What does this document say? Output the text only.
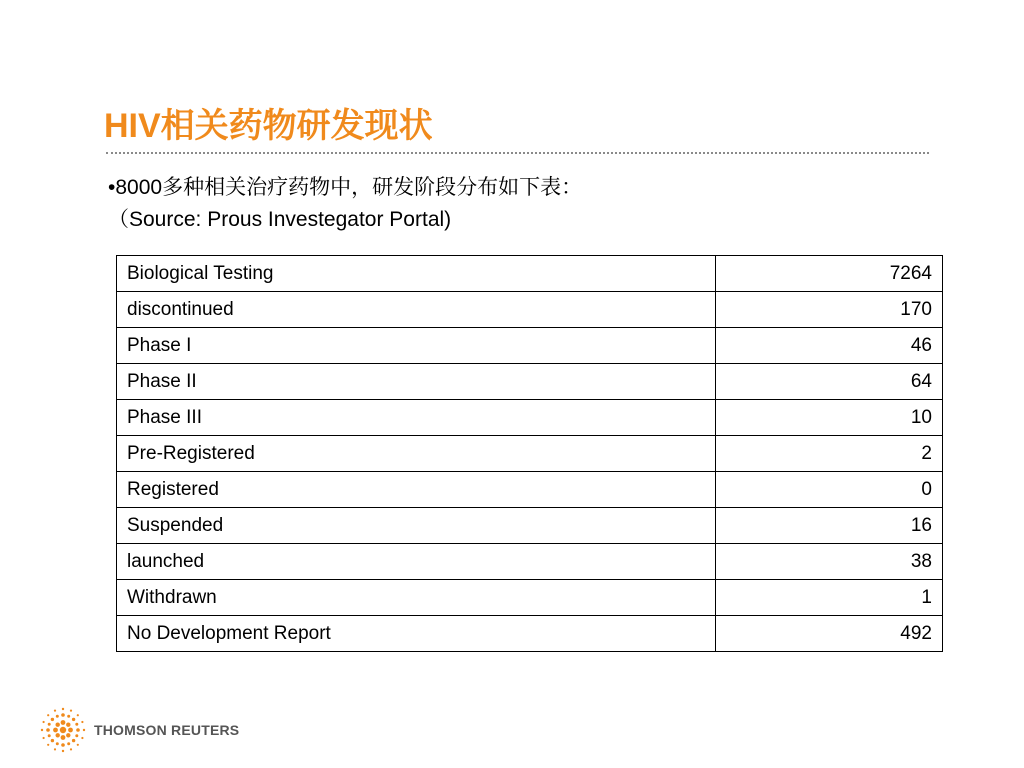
HIV相关药物研发现状
•8000多种相关治疗药物中，研发阶段分布如下表：
（Source: Prous Investegator Portal)
Biological Testing	7264
discontinued	170
Phase I	46
Phase II	64
Phase III	10
Pre-Registered	2
Registered	0
Suspended	16
launched	38
Withdrawn	1
No Development Report	492
THOMSON REUTERS
